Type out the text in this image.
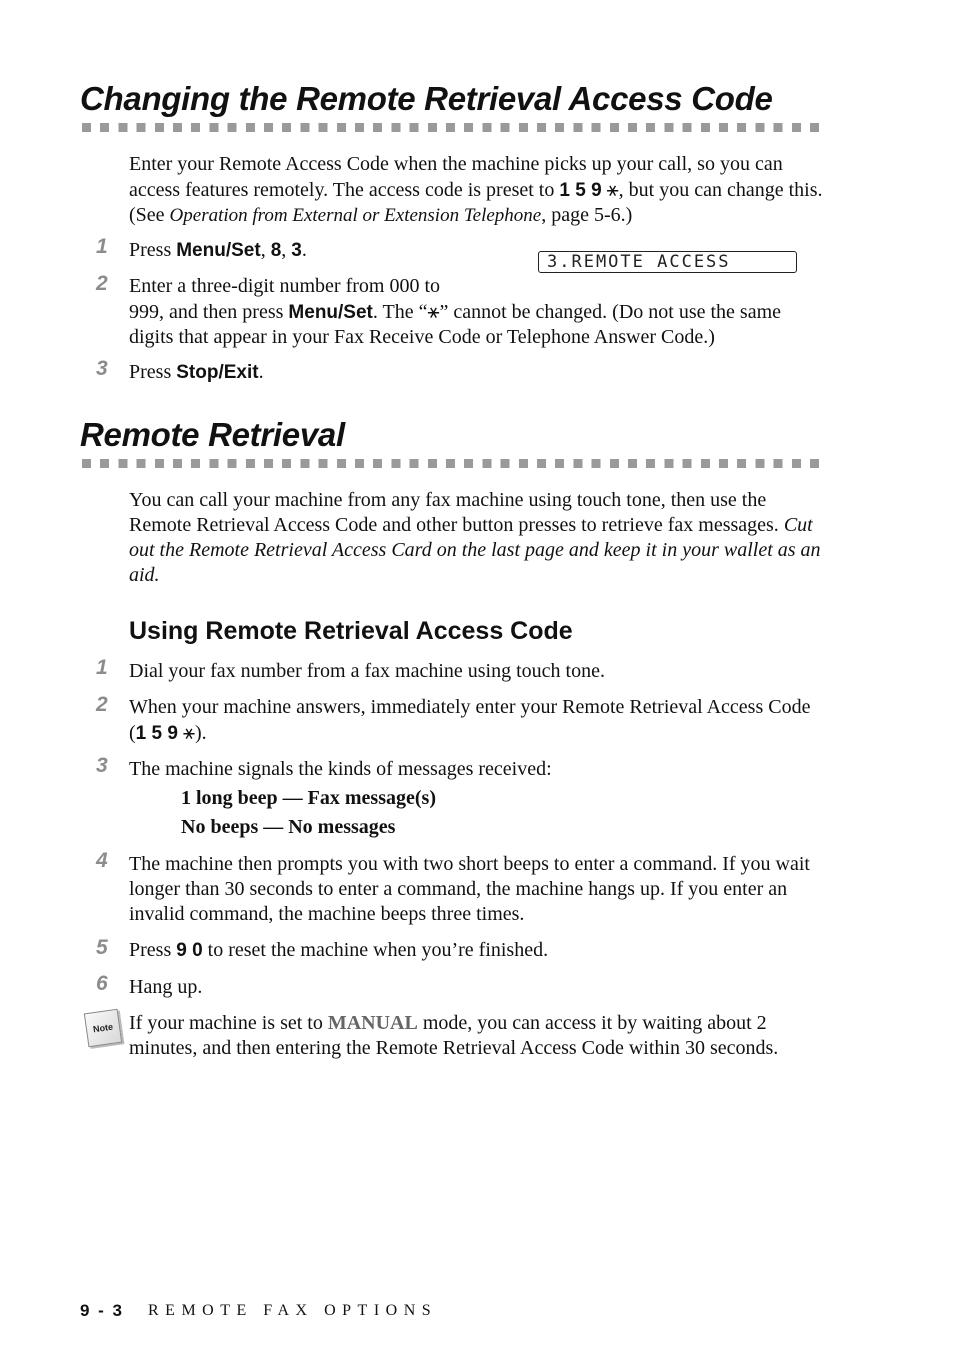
Changing the Remote Retrieval Access Code

Enter your Remote Access Code when the machine picks up your call, so you can access features remotely. The access code is preset to 1 5 9 ⚹, but you can change this. (See Operation from External or Extension Telephone, page 5-6.)

1 Press Menu/Set, 8, 3.

3.REMOTE ACCESS
2 Enter a three-digit number from 000 to
999, and then press Menu/Set. The “⚹” cannot be changed. (Do not use the same digits that appear in your Fax Receive Code or Telephone Answer Code.)

3 Press Stop/Exit.

Remote Retrieval

You can call your machine from any fax machine using touch tone, then use the Remote Retrieval Access Code and other button presses to retrieve fax messages. Cut out the Remote Retrieval Access Card on the last page and keep it in your wallet as an aid.

Using Remote Retrieval Access Code
1 Dial your fax number from a fax machine using touch tone.

2 When your machine answers, immediately enter your Remote Retrieval Access Code (1 5 9 ⚹).

3 The machine signals the kinds of messages received:

1 long beep — Fax message(s)
No beeps — No messages
4 The machine then prompts you with two short beeps to enter a command. If you wait longer than 30 seconds to enter a command, the machine hangs up. If you enter an invalid command, the machine beeps three times.

5 Press 9 0 to reset the machine when you’re finished.

6 Hang up.

Note If your machine is set to MANUAL mode, you can access it by waiting about 2 minutes, and then entering the Remote Retrieval Access Code within 30 seconds.

9 - 3 REMOTE FAX OPTIONS
